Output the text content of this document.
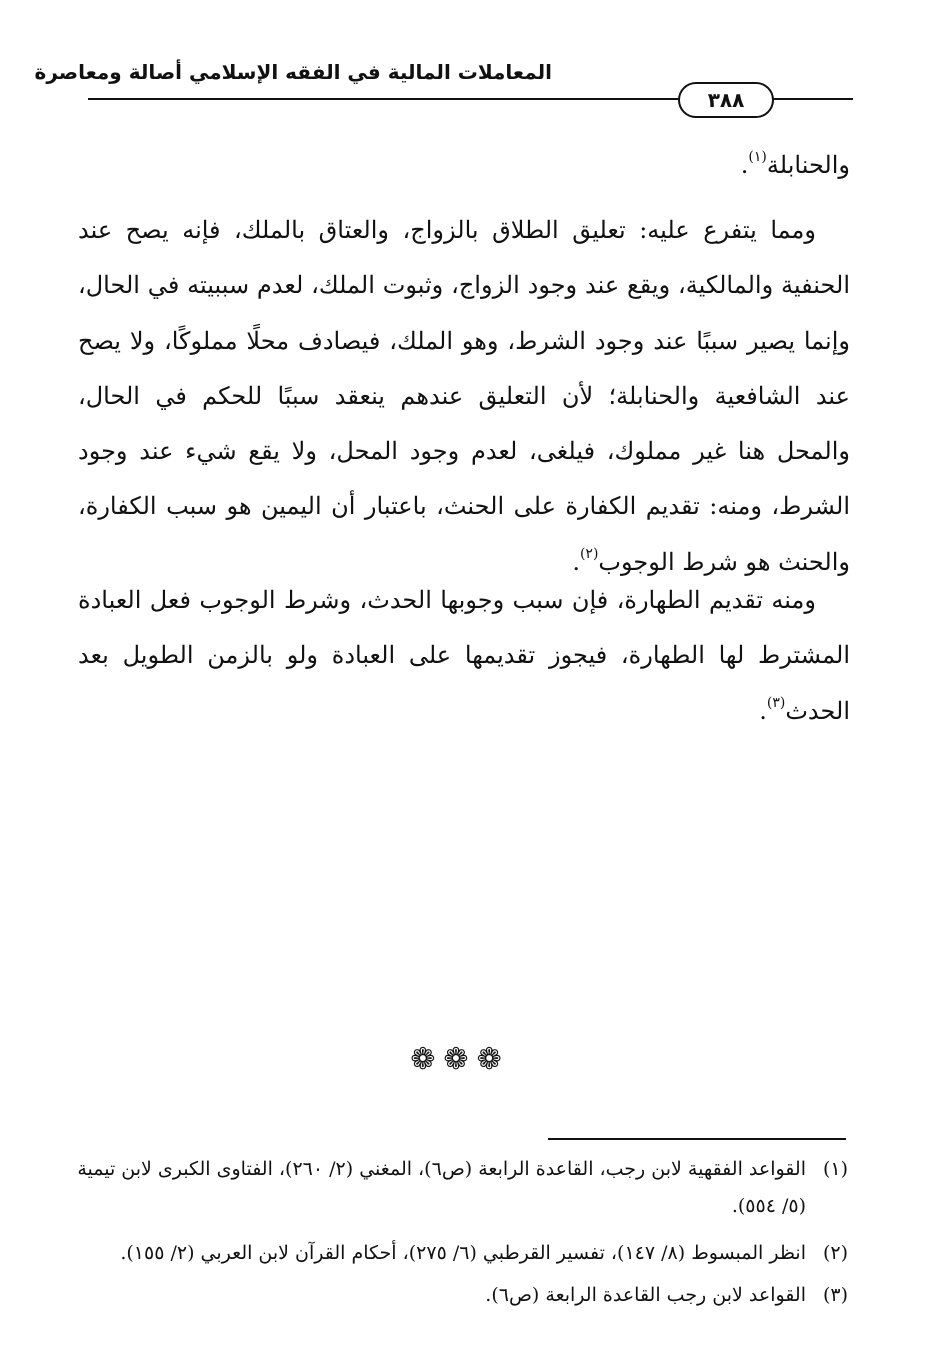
المعاملات المالية في الفقه الإسلامي أصالة ومعاصرة
٣٨٨
والحنابلة$^{(١)}$.
ومما يتفرع عليه: تعليق الطلاق بالزواج، والعتاق بالملك، فإنه يصح عند الحنفية والمالكية، ويقع عند وجود الزواج، وثبوت الملك، لعدم سببيته في الحال، وإنما يصير سببًا عند وجود الشرط، وهو الملك، فيصادف محلًا مملوكًا، ولا يصح عند الشافعية والحنابلة؛ لأن التعليق عندهم ينعقد سببًا للحكم في الحال، والمحل هنا غير مملوك، فيلغى، لعدم وجود المحل، ولا يقع شيء عند وجود الشرط، ومنه: تقديم الكفارة على الحنث، باعتبار أن اليمين هو سبب الكفارة، والحنث هو شرط الوجوب$^{(٢)}$.
ومنه تقديم الطهارة، فإن سبب وجوبها الحدث، وشرط الوجوب فعل العبادة المشترط لها الطهارة، فيجوز تقديمها على العبادة ولو بالزمن الطويل بعد الحدث$^{(٣)}$.
❁❁❁
(١)
القواعد الفقهية لابن رجب، القاعدة الرابعة (ص٦)، المغني (٢/ ٢٦٠)، الفتاوى الكبرى لابن تيمية (٥/ ٥٥٤).
(٢)
انظر المبسوط (٨/ ١٤٧)، تفسير القرطبي (٦/ ٢٧٥)، أحكام القرآن لابن العربي (٢/ ١٥٥).
(٣)
القواعد لابن رجب القاعدة الرابعة (ص٦).
